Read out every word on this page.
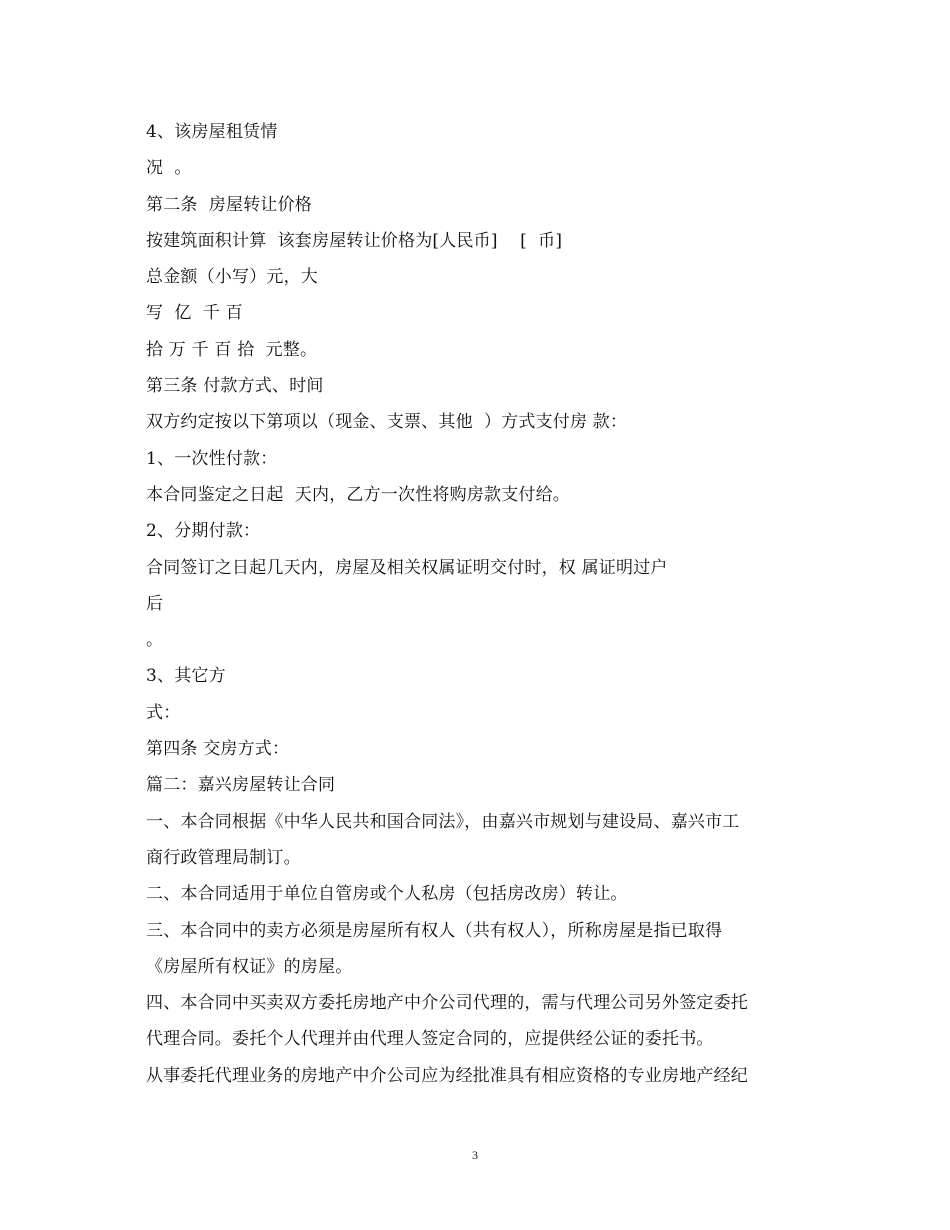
4、该房屋租赁情
况  。
第二条  房屋转让价格
按建筑面积计算  该套房屋转让价格为[人民币]    [  币]
总金额（小写）元，大
写  亿  千 百
拾 万 千 百 拾  元整。
第三条 付款方式、时间
双方约定按以下第项以（现金、支票、其他  ）方式支付房 款：
1、一次性付款：
本合同鉴定之日起  天内，乙方一次性将购房款支付给。
2、分期付款：
合同签订之日起几天内，房屋及相关权属证明交付时，权 属证明过户
后
。
3、其它方
式：
第四条 交房方式：
篇二：嘉兴房屋转让合同
一、本合同根据《中华人民共和国合同法》，由嘉兴市规划与建设局、嘉兴市工
商行政管理局制订。
二、本合同适用于单位自管房或个人私房（包括房改房）转让。
三、本合同中的卖方必须是房屋所有权人（共有权人），所称房屋是指已取得
《房屋所有权证》的房屋。
四、本合同中买卖双方委托房地产中介公司代理的，需与代理公司另外签定委托
代理合同。委托个人代理并由代理人签定合同的，应提供经公证的委托书。
从事委托代理业务的房地产中介公司应为经批准具有相应资格的专业房地产经纪
3
